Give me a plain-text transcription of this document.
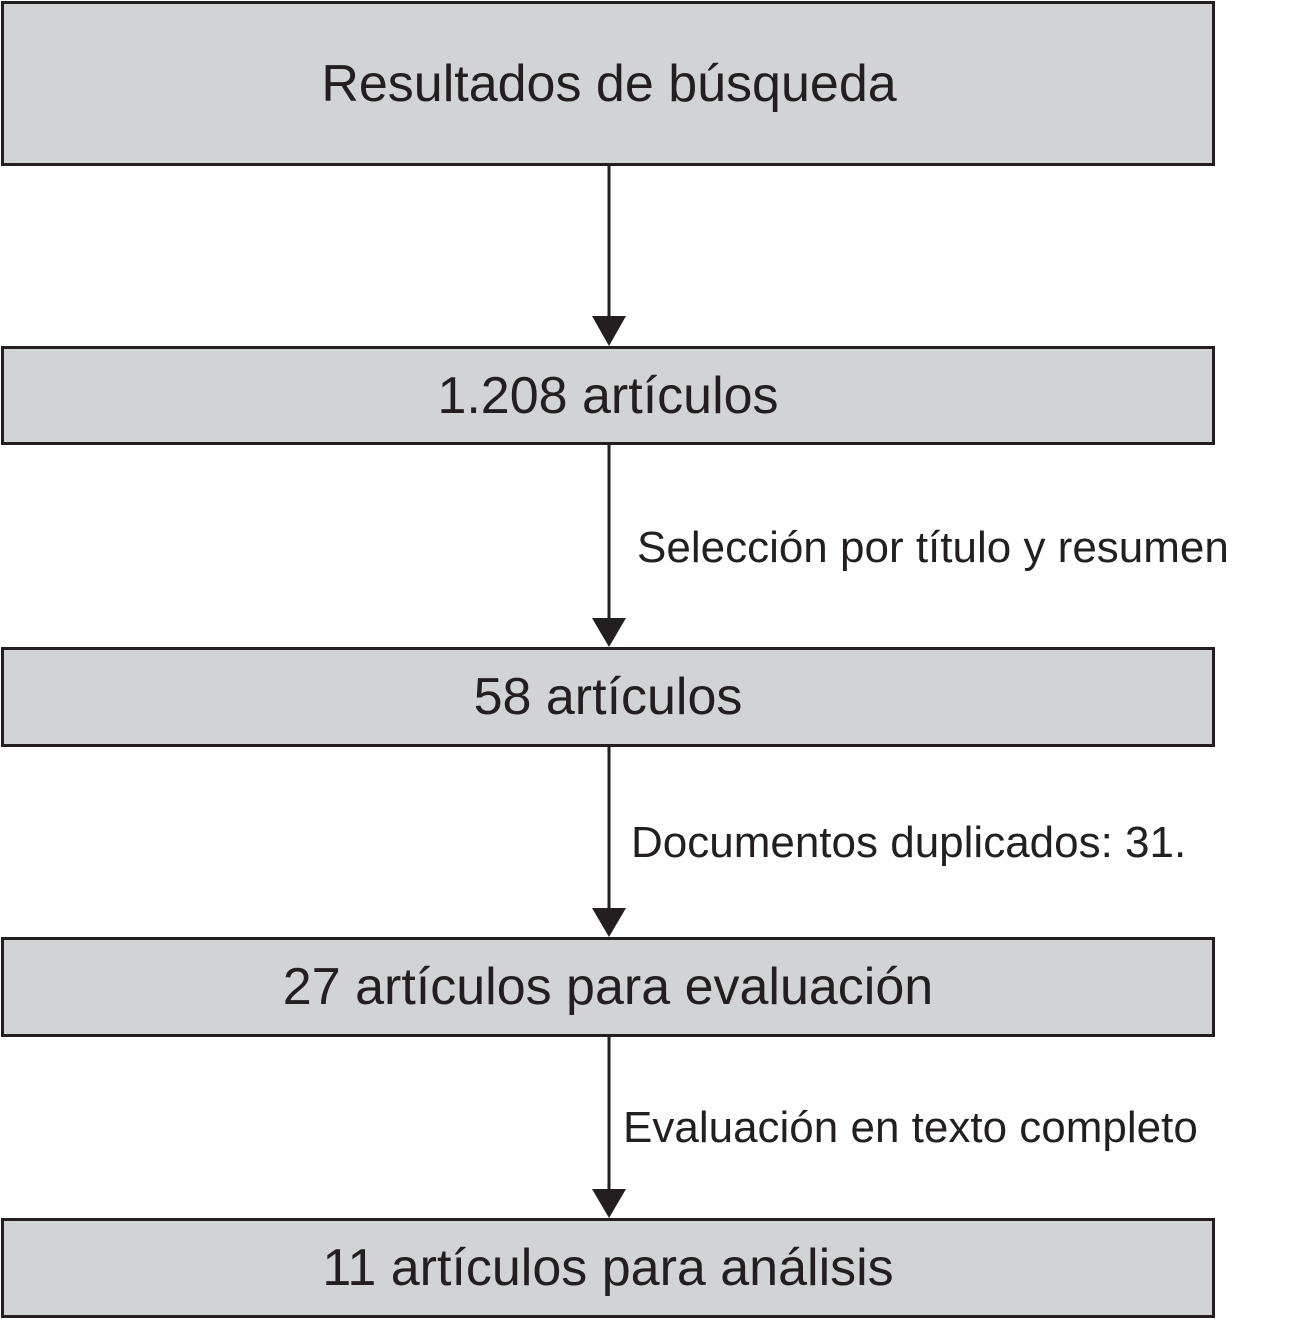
Resultados de búsqueda
1.208 artículos
Selección por título y resumen
58 artículos
Documentos duplicados: 31.
27 artículos para evaluación
Evaluación en texto completo
11 artículos para análisis
